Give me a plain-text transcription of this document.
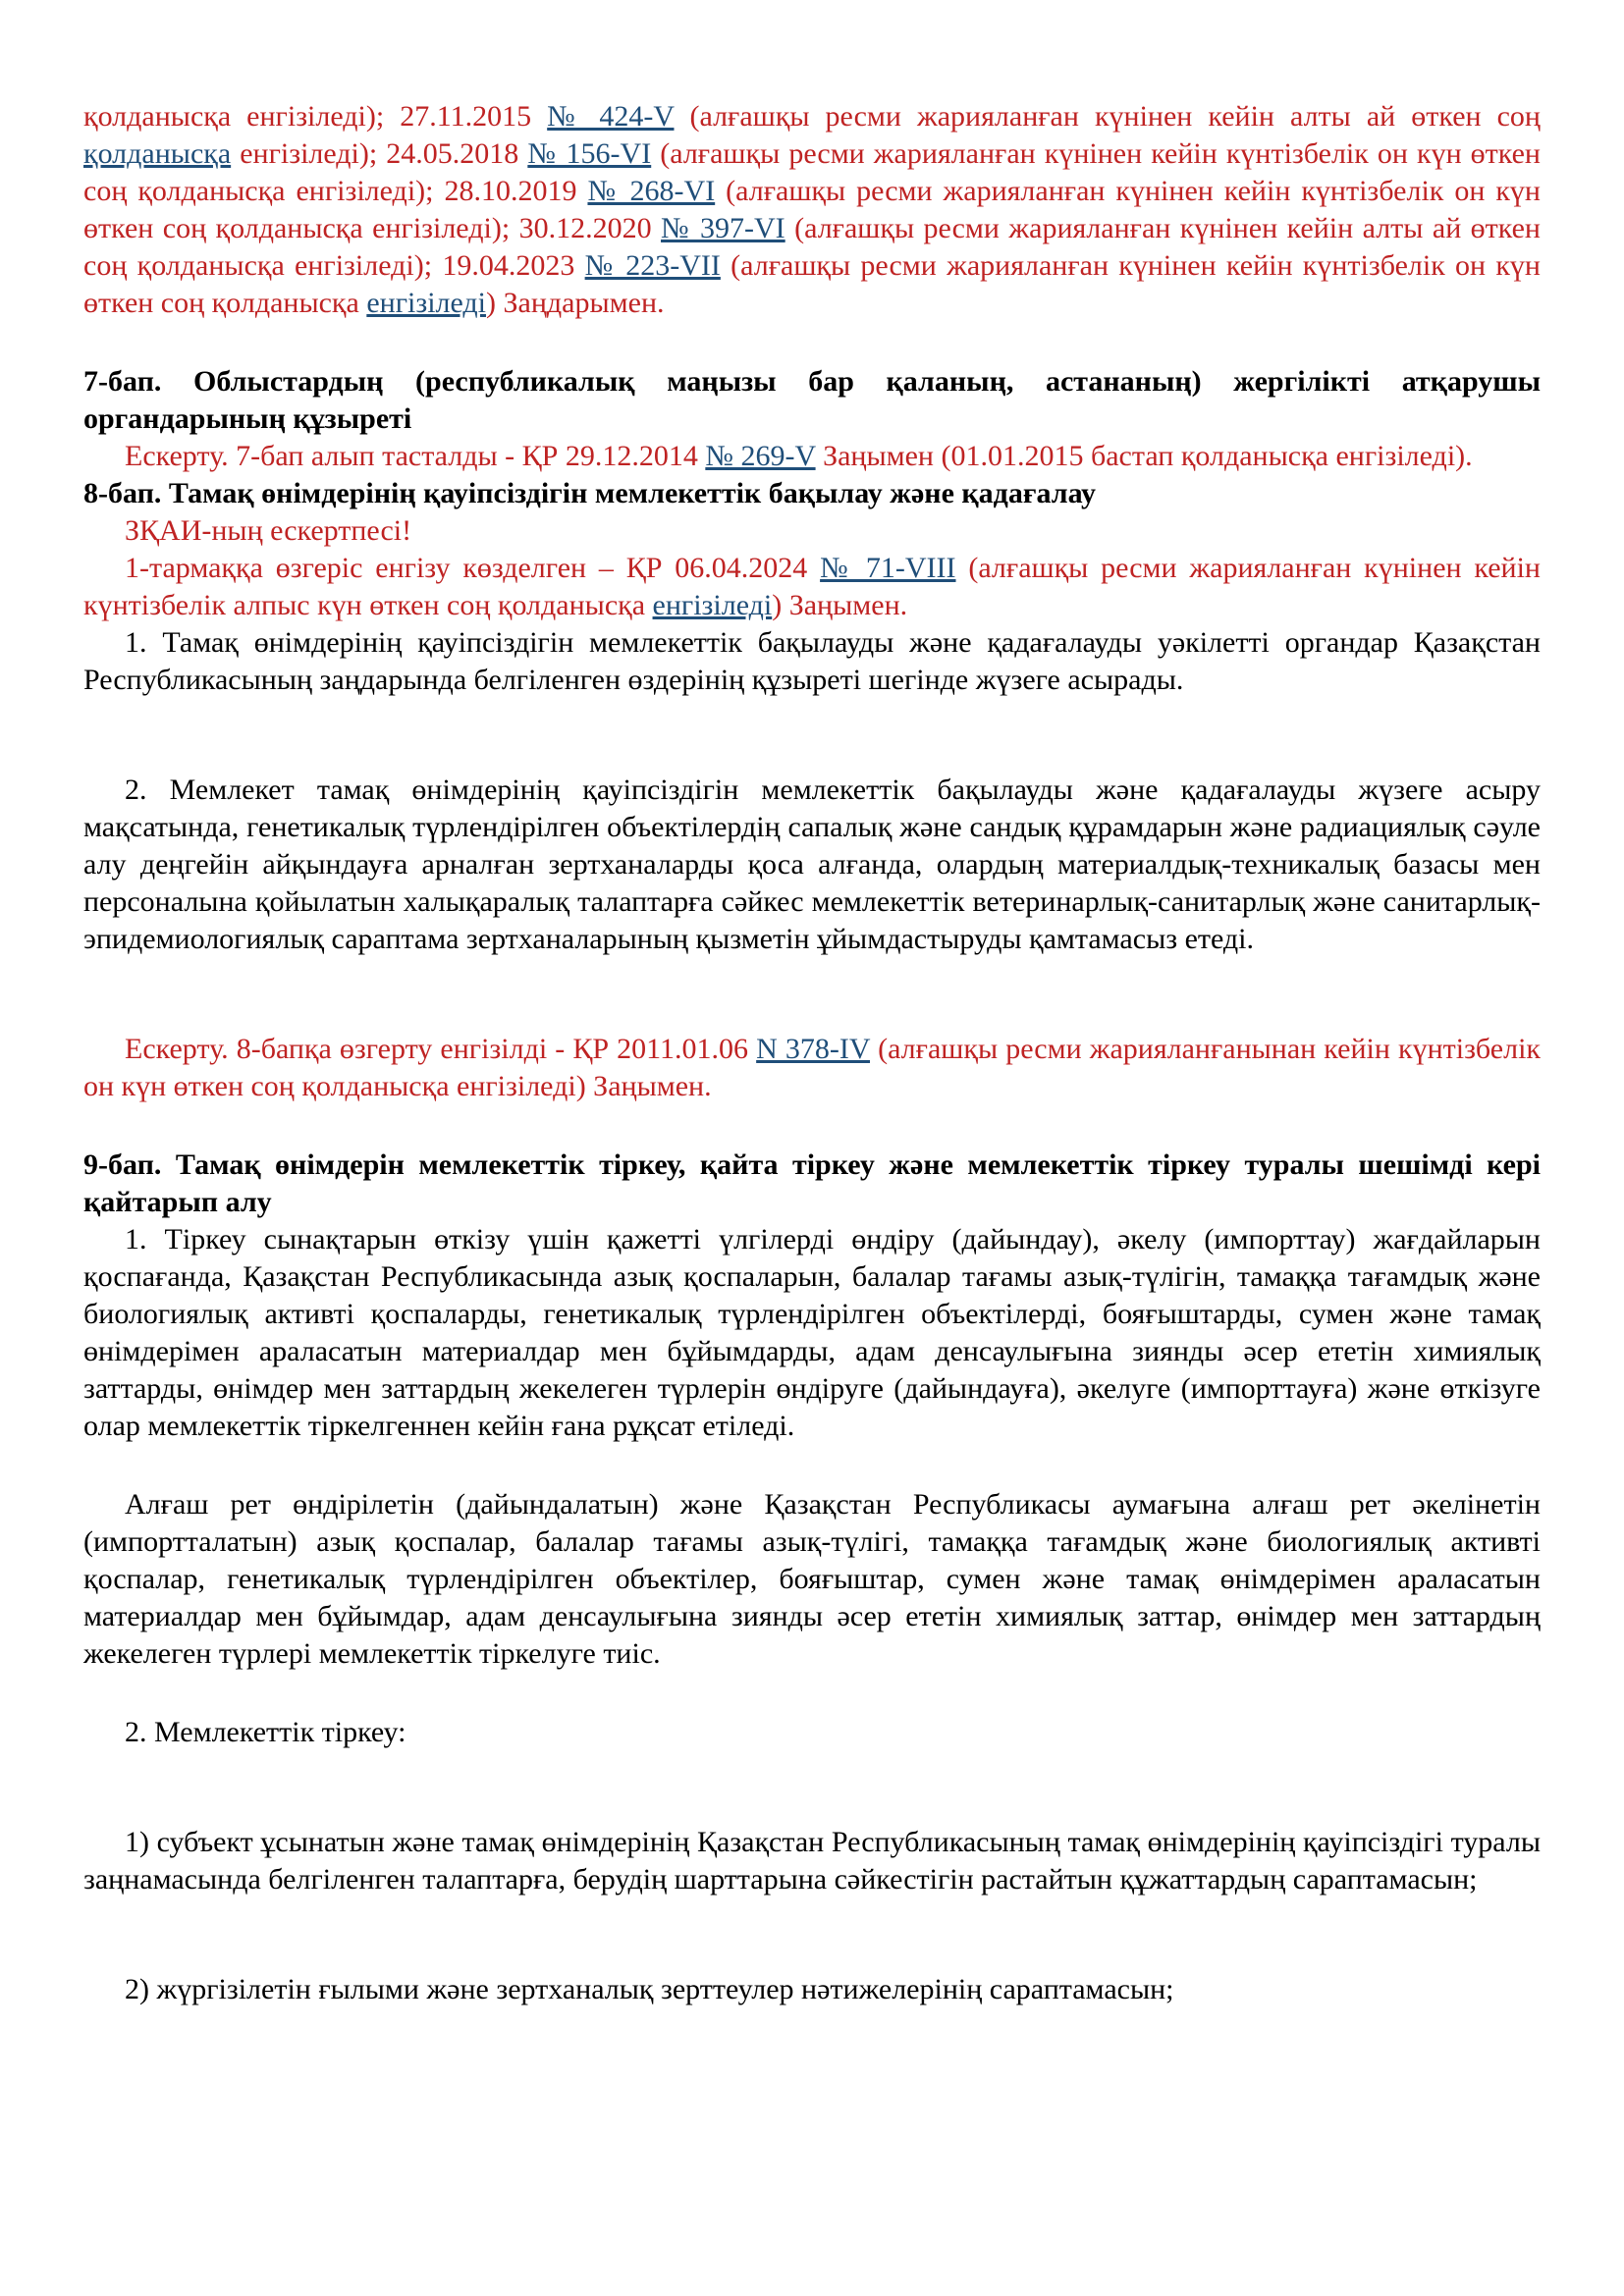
қолданысқа енгізіледі); 27.11.2015 № 424-V (алғашқы ресми жарияланған күнінен кейін алты ай өткен соң қолданысқа енгізіледі); 24.05.2018 № 156-VI (алғашқы ресми жарияланған күнінен кейін күнтізбелік он күн өткен соң қолданысқа енгізіледі); 28.10.2019 № 268-VI (алғашқы ресми жарияланған күнінен кейін күнтізбелік он күн өткен соң қолданысқа енгізіледі); 30.12.2020 № 397-VI (алғашқы ресми жарияланған күнінен кейін алты ай өткен соң қолданысқа енгізіледі); 19.04.2023 № 223-VII (алғашқы ресми жарияланған күнінен кейін күнтізбелік он күн өткен соң қолданысқа енгізіледі) Заңдарымен.

7-бап. Облыстардың (республикалық маңызы бар қаланың, астананың) жергілікті атқарушы органдарының құзыреті

Ескерту. 7-бап алып тасталды - ҚР 29.12.2014 № 269-V Заңымен (01.01.2015 бастап қолданысқа енгізіледі).

8-бап. Тамақ өнімдерінің қауіпсіздігін мемлекеттік бақылау және қадағалау

ЗҚАИ-ның ескертпесі!

1-тармаққа өзгеріс енгізу көзделген – ҚР 06.04.2024 № 71-VIII (алғашқы ресми жарияланған күнінен кейін күнтізбелік алпыс күн өткен соң қолданысқа енгізіледі) Заңымен.

1. Тамақ өнімдерінің қауіпсіздігін мемлекеттік бақылауды және қадағалауды уәкілетті органдар Қазақстан Республикасының заңдарында белгіленген өздерінің құзыреті шегінде жүзеге асырады.

2. Мемлекет тамақ өнімдерінің қауіпсіздігін мемлекеттік бақылауды және қадағалауды жүзеге асыру мақсатында, генетикалық түрлендірілген объектілердің сапалық және сандық құрамдарын және радиациялық сәуле алу деңгейін айқындауға арналған зертханаларды қоса алғанда, олардың материалдық-техникалық базасы мен персоналына қойылатын халықаралық талаптарға сәйкес мемлекеттік ветеринарлық-санитарлық және санитарлық-эпидемиологиялық сараптама зертханаларының қызметін ұйымдастыруды қамтамасыз етеді.

Ескерту. 8-бапқа өзгерту енгізілді - ҚР 2011.01.06 N 378-IV (алғашқы ресми жарияланғанынан кейін күнтізбелік он күн өткен соң қолданысқа енгізіледі) Заңымен.

9-бап. Тамақ өнімдерін мемлекеттік тіркеу, қайта тіркеу және мемлекеттік тіркеу туралы шешімді кері қайтарып алу

1. Тіркеу сынақтарын өткізу үшін қажетті үлгілерді өндіру (дайындау), әкелу (импорттау) жағдайларын қоспағанда, Қазақстан Республикасында азық қоспаларын, балалар тағамы азық-түлігін, тамаққа тағамдық және биологиялық активті қоспаларды, генетикалық түрлендірілген объектілерді, бояғыштарды, сумен және тамақ өнімдерімен араласатын материалдар мен бұйымдарды, адам денсаулығына зиянды әсер ететін химиялық заттарды, өнімдер мен заттардың жекелеген түрлерін өндіруге (дайындауға), әкелуге (импорттауға) және өткізуге олар мемлекеттік тіркелгеннен кейін ғана рұқсат етіледі.

Алғаш рет өндірілетін (дайындалатын) және Қазақстан Республикасы аумағына алғаш рет әкелінетін (импортталатын) азық қоспалар, балалар тағамы азық-түлігі, тамаққа тағамдық және биологиялық активті қоспалар, генетикалық түрлендірілген объектілер, бояғыштар, сумен және тамақ өнімдерімен араласатын материалдар мен бұйымдар, адам денсаулығына зиянды әсер ететін химиялық заттар, өнімдер мен заттардың жекелеген түрлері мемлекеттік тіркелуге тиіс.

2. Мемлекеттік тіркеу:

1) субъект ұсынатын және тамақ өнімдерінің Қазақстан Республикасының тамақ өнімдерінің қауіпсіздігі туралы заңнамасында белгіленген талаптарға, берудің шарттарына сәйкестігін растайтын құжаттардың сараптамасын;

2) жүргізілетін ғылыми және зертханалық зерттеулер нәтижелерінің сараптамасын;
